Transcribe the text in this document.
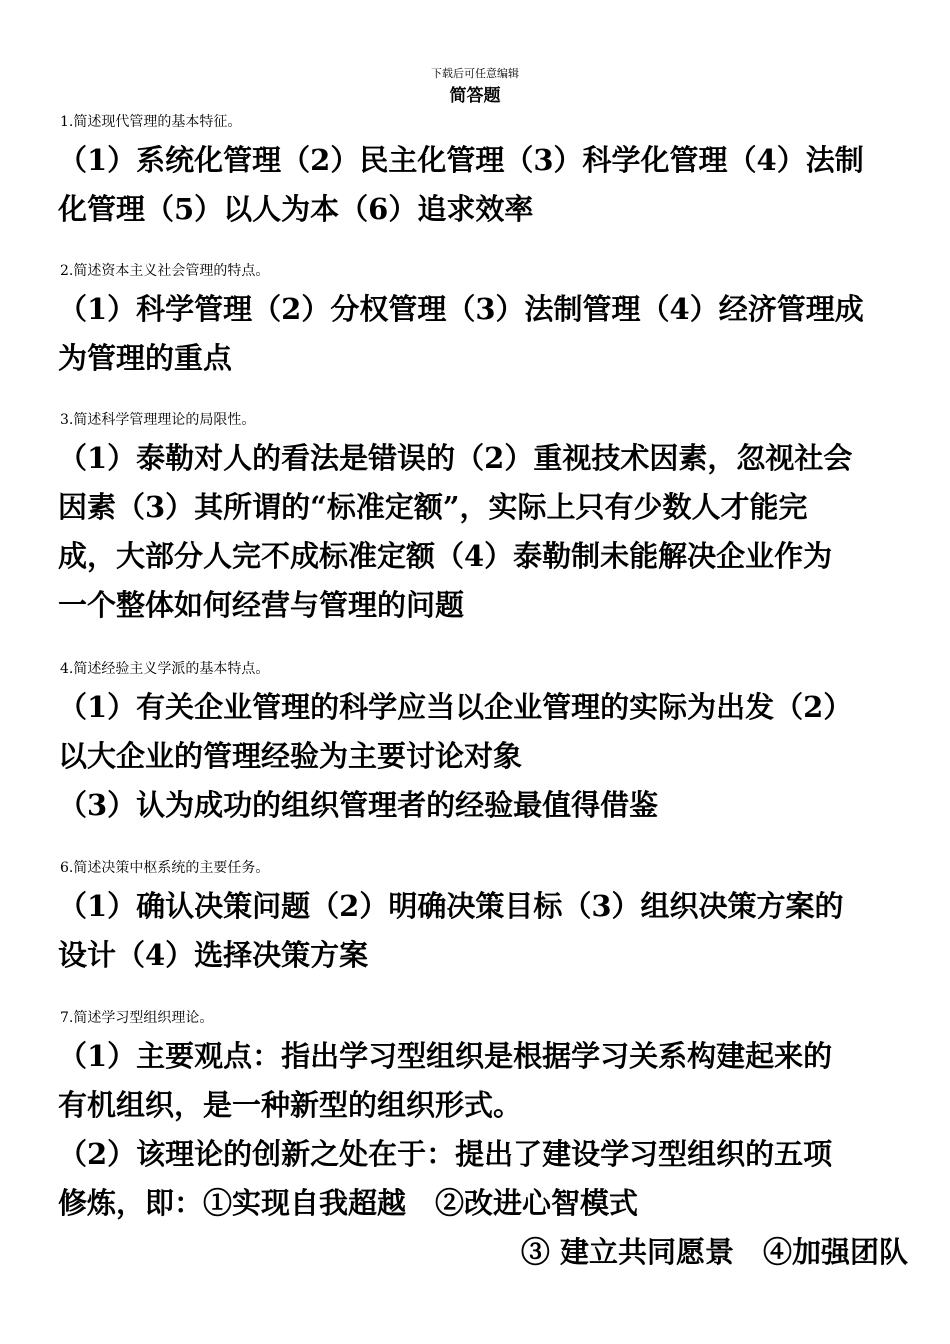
下载后可任意编辑
简答题
1.简述现代管理的基本特征。
（1）系统化管理（2）民主化管理（3）科学化管理（4）法制
化管理（5）以人为本（6）追求效率
2.简述资本主义社会管理的特点。
（1）科学管理（2）分权管理（3）法制管理（4）经济管理成
为管理的重点
3.简述科学管理理论的局限性。
（1）泰勒对人的看法是错误的（2）重视技术因素，忽视社会
因素（3）其所谓的“标准定额”，实际上只有少数人才能完
成，大部分人完不成标准定额（4）泰勒制未能解决企业作为
一个整体如何经营与管理的问题
4.简述经验主义学派的基本特点。
（1）有关企业管理的科学应当以企业管理的实际为出发（2）
以大企业的管理经验为主要讨论对象
（3）认为成功的组织管理者的经验最值得借鉴
6.简述决策中枢系统的主要任务。
（1）确认决策问题（2）明确决策目标（3）组织决策方案的
设计（4）选择决策方案
7.简述学习型组织理论。
（1）主要观点：指出学习型组织是根据学习关系构建起来的
有机组织，是一种新型的组织形式。
（2）该理论的创新之处在于：提出了建设学习型组织的五项
修炼，即：①实现自我超越　②改进心智模式
③ 建立共同愿景　④加强团队
